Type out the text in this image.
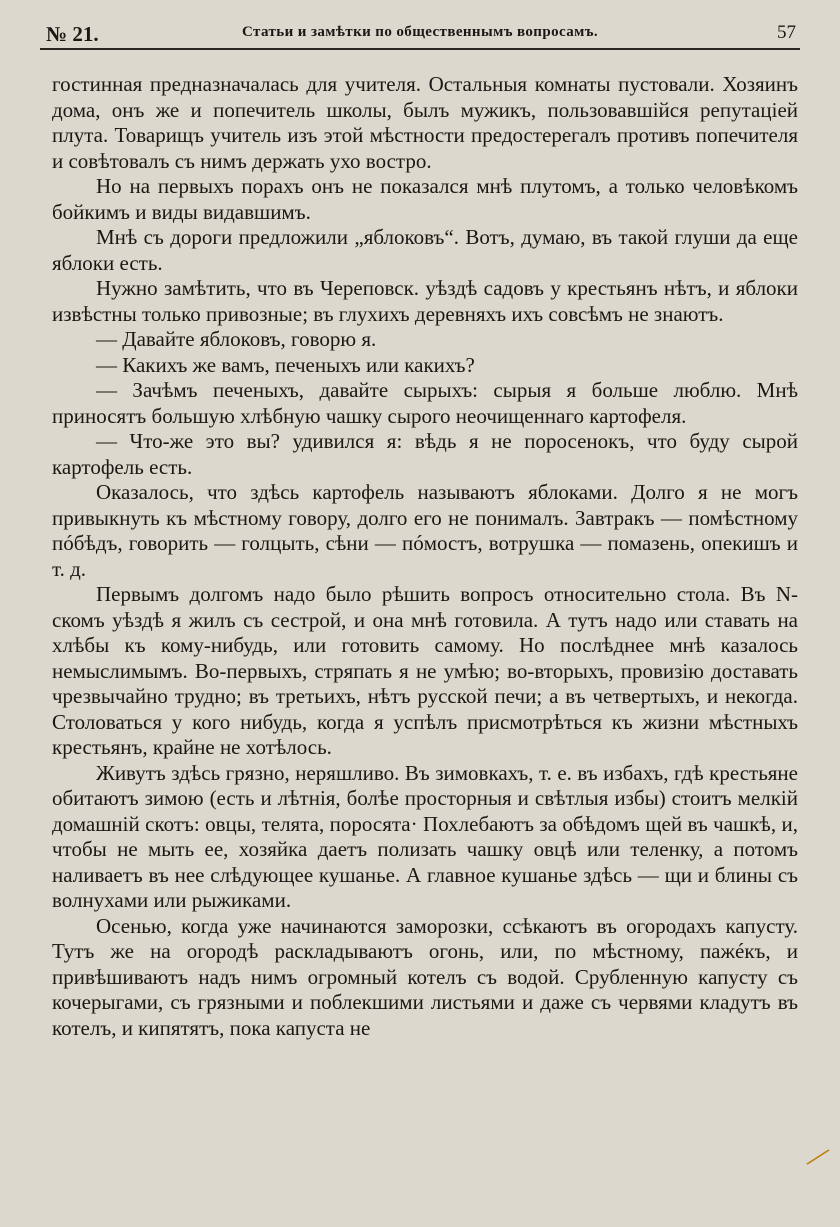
№ 21.	Статьи и замѣтки по общественнымъ вопросамъ.	57

гостинная предназначалась для учителя. Остальныя комнаты пустовали. Хозяинъ дома, онъ же и попечитель школы, былъ мужикъ, пользовавшійся репутаціей плута. Товарищъ учитель изъ этой мѣстности предостерегалъ противъ попечителя и совѣтовалъ съ нимъ держать ухо востро.

Но на первыхъ порахъ онъ не показался мнѣ плутомъ, а только человѣкомъ бойкимъ и виды видавшимъ.

Мнѣ съ дороги предложили „яблоковъ“. Вотъ, думаю, въ такой глуши да еще яблоки есть.

Нужно замѣтить, что въ Череповск. уѣздѣ садовъ у крестьянъ нѣтъ, и яблоки извѣстны только привозные; въ глухихъ деревняхъ ихъ совсѣмъ не знаютъ.

— Давайте яблоковъ, говорю я.

— Какихъ же вамъ, печеныхъ или какихъ?

— Зачѣмъ печеныхъ, давайте сырыхъ: сырыя я больше люблю. Мнѣ приносятъ большую хлѣбную чашку сырого неочищеннаго картофеля.

— Что-же это вы? удивился я: вѣдь я не поросенокъ, что буду сырой картофель есть.

Оказалось, что здѣсь картофель называютъ яблоками. Долго я не могъ привыкнуть къ мѣстному говору, долго его не понималъ. Завтракъ — помѣстному пóбѣдъ, говорить — голцыть, сѣни — пóмостъ, вотрушка — помазень, опекишъ и т. д.

Первымъ долгомъ надо было рѣшить вопросъ относительно стола. Въ N-скомъ уѣздѣ я жилъ съ сестрой, и она мнѣ готовила. А тутъ надо или ставать на хлѣбы къ кому-нибудь, или готовить самому. Но послѣднее мнѣ казалось немыслимымъ. Во-первыхъ, стряпать я не умѣю; во-вторыхъ, провизію доставать чрезвычайно трудно; въ третьихъ, нѣтъ русской печи; а въ четвертыхъ, и некогда. Столоваться у кого нибудь, когда я успѣлъ присмотрѣться къ жизни мѣстныхъ крестьянъ, крайне не хотѣлось.

Живутъ здѣсь грязно, неряшливо. Въ зимовкахъ, т. е. въ избахъ, гдѣ крестьяне обитаютъ зимою (есть и лѣтнія, болѣе просторныя и свѣтлыя избы) стоитъ мелкій домашній скотъ: овцы, телята, поросята· Похлебаютъ за обѣдомъ щей въ чашкѣ, и, чтобы не мыть ее, хозяйка даетъ полизать чашку овцѣ или теленку, а потомъ наливаетъ въ нее слѣдующее кушанье. А главное кушанье здѣсь — щи и блины съ волнухами или рыжиками.

Осенью, когда уже начинаются заморозки, ссѣкаютъ въ огородахъ капусту. Тутъ же на огородѣ раскладываютъ огонь, или, по мѣстному, пажéкъ, и привѣшиваютъ надъ нимъ огромный котелъ съ водой. Срубленную капусту съ кочерыгами, съ грязными и поблекшими листьями и даже съ червями кладутъ въ котелъ, и кипятятъ, пока капуста не

╱
